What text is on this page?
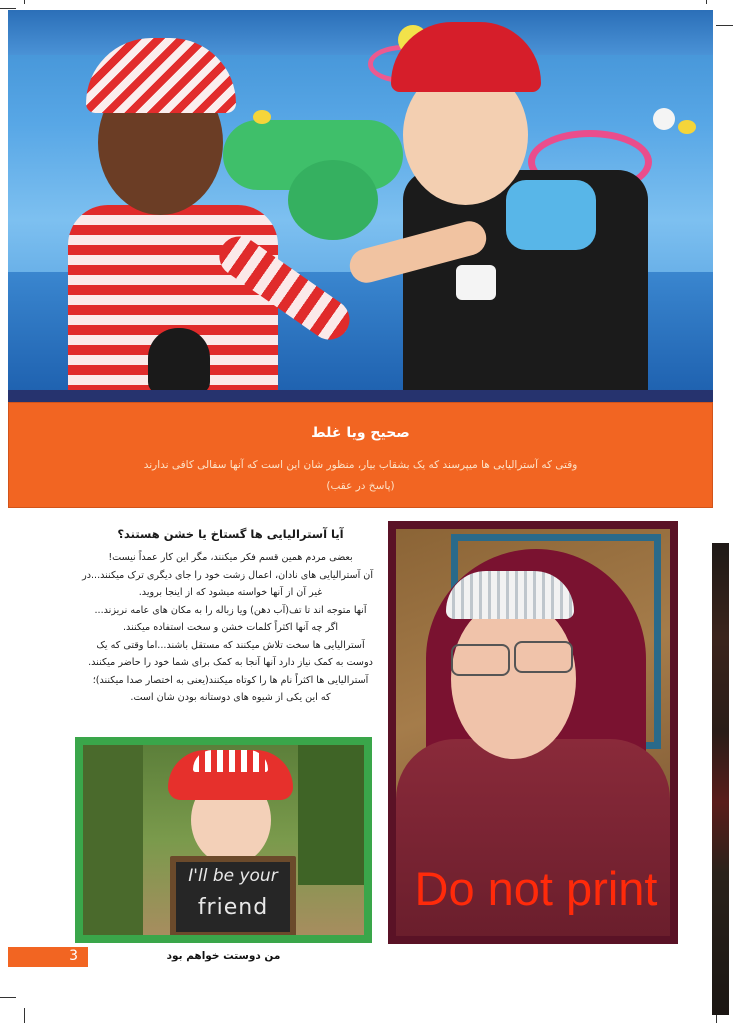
صحیح ویا غلط
وقتی که آسترالیایی ها میپرسند که یک بشقاب بیار، منظور شان این است که آنها سفالی کافی ندارند
(پاسخ در عقب)

آیا آسترالیایی ها گستاخ یا خشن هستند؟

بعضی مردم همین قسم فکر میکنند، مگر این کار عمداً نیست!

آن آسترالیایی های نادان، اعمال زشت خود را جای دیگری ترک میکنند...در

غیر آن از آنها خواسته میشود که از اینجا بروید.

آنها متوجه اند تا تف(آب دهن) ویا زباله را به مکان های عامه نریزند...

اگر چه آنها اکثراً کلمات خشن و سخت استفاده میکنند.

آسترالیایی ها سخت تلاش میکنند که مستقل باشند...اما وقتی که یک

دوست به کمک نیاز دارد آنها آنجا به کمک برای شما خود را حاضر میکنند.

آسترالیایی ها اکثراً نام ها را کوتاه میکنند(یعنی به اختصار صدا میکنند)؛

که این یکی از شیوه های دوستانه بودن شان است.

Do not print
I'll be your
friend
من دوستت خواهم بود
3
